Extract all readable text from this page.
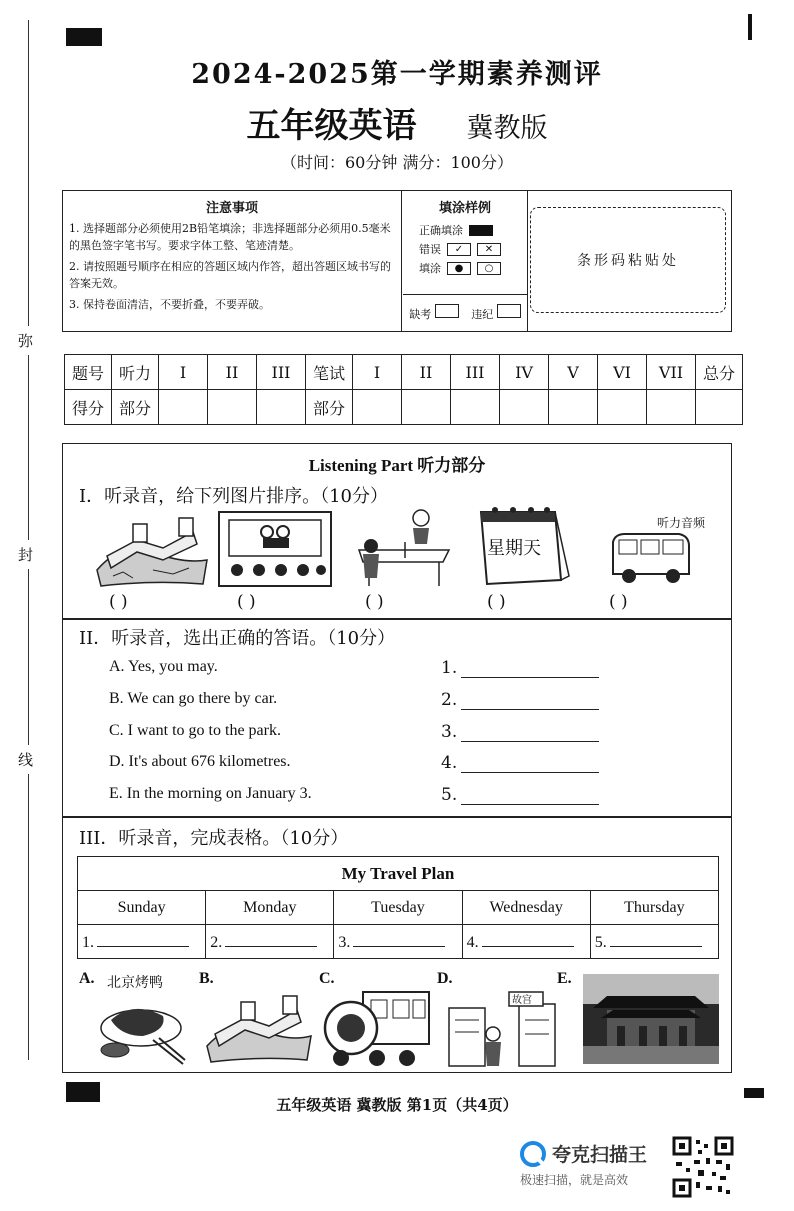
弥
封
线
2024-2025第一学期素养测评
五年级英语 冀教版
（时间：60分钟 满分：100分）
注意事项

1. 选择题部分必须使用2B铅笔填涂；非选择题部分必须用0.5毫米的黑色签字笔书写。要求字体工整、笔迹清楚。

2. 请按照题号顺序在相应的答题区域内作答，超出答题区域书写的答案无效。

3. 保持卷面清洁，不要折叠，不要弄破。

填涂样例
正确填涂
错误	✓	✕
填涂	●	○
缺考	违纪
条形码粘贴处
题号	听力	I	II	III	笔试	I	II	III	IV	V	VI	VII	总分
得分	部分				部分								
Listening Part 听力部分
I．听录音，给下列图片排序。（10分）
听力音频
星期天
( )	( )	( )	( )	( )
II．听录音，选出正确的答语。（10分）
A. Yes, you may.
B. We can go there by car.
C. I want to go to the park.
D. It's about 676 kilometres.
E. In the morning on January 3.
1.
2.
3.
4.
5.
III．听录音，完成表格。（10分）
My Travel Plan				
Sunday	Monday	Tuesday	Wednesday	Thursday
1.	2.	3.	4.	5.
A. 北京烤鸭 B.	C.	D.
故宫
E.
五年级英语 冀教版 第1页（共4页）
夸克扫描王
极速扫描，就是高效
